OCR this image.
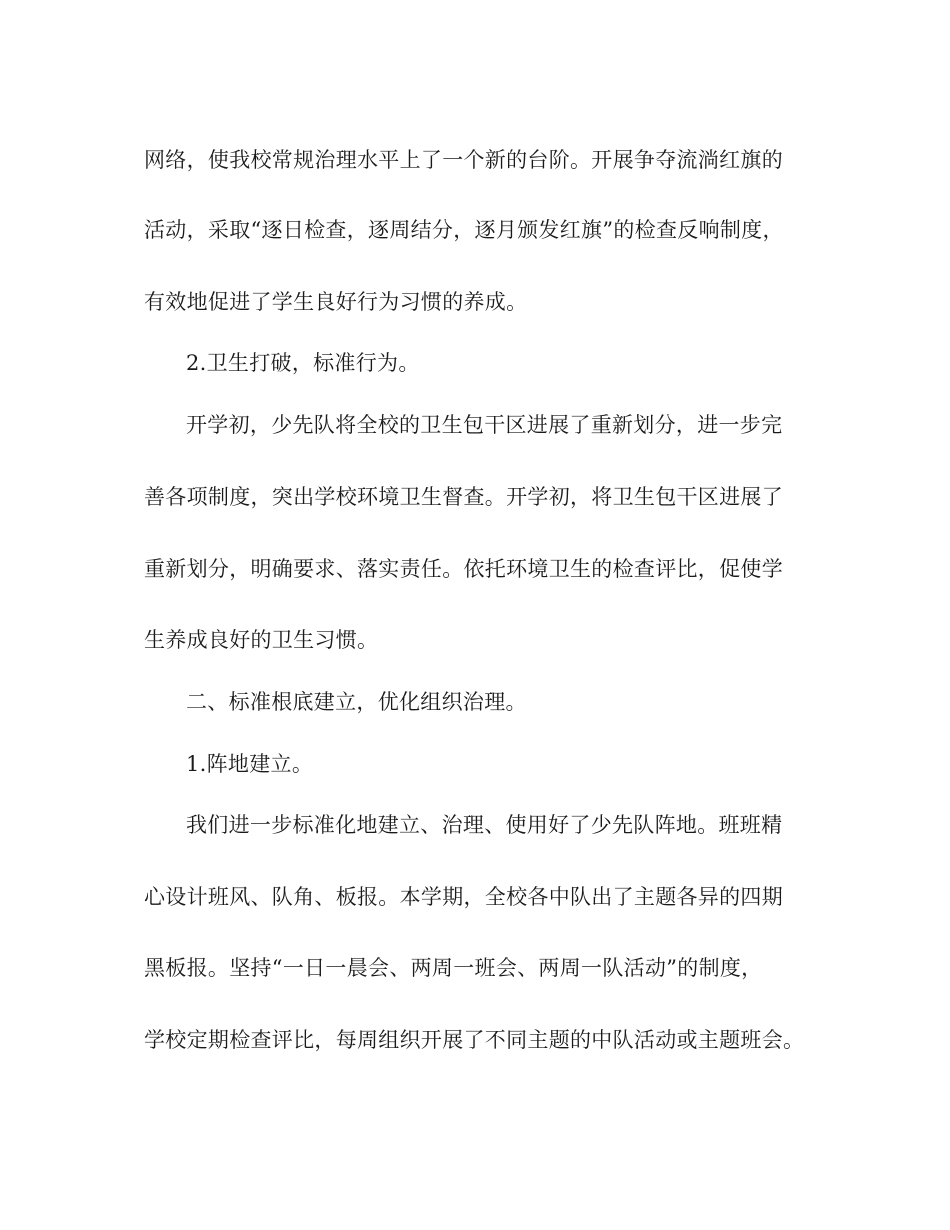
网络，使我校常规治理水平上了一个新的台阶。开展争夺流淌红旗的
活动，采取“逐日检查，逐周结分，逐月颁发红旗”的检查反响制度，
有效地促进了学生良好行为习惯的养成。
2.卫生打破，标准行为。
开学初，少先队将全校的卫生包干区进展了重新划分，进一步完
善各项制度，突出学校环境卫生督查。开学初，将卫生包干区进展了
重新划分，明确要求、落实责任。依托环境卫生的检查评比，促使学
生养成良好的卫生习惯。
二、标准根底建立，优化组织治理。
1.阵地建立。
我们进一步标准化地建立、治理、使用好了少先队阵地。班班精
心设计班风、队角、板报。本学期，全校各中队出了主题各异的四期
黑板报。坚持“一日一晨会、两周一班会、两周一队活动”的制度，
学校定期检查评比，每周组织开展了不同主题的中队活动或主题班会。
